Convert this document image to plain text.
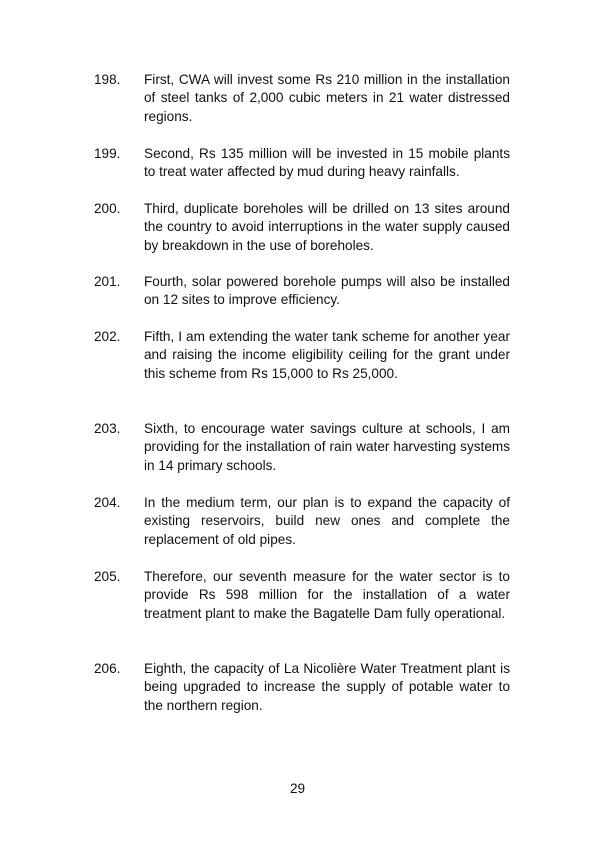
198.	First, CWA will invest some Rs 210 million in the installation of steel tanks of 2,000 cubic meters in 21 water distressed regions.
199.	Second, Rs 135 million will be invested in 15 mobile plants to treat water affected by mud during heavy rainfalls.
200.	Third, duplicate boreholes will be drilled on 13 sites around the country to avoid interruptions in the water supply caused by breakdown in the use of boreholes.
201.	Fourth, solar powered borehole pumps will also be installed on 12 sites to improve efficiency.
202.	Fifth, I am extending the water tank scheme for another year and raising the income eligibility ceiling for the grant under this scheme from Rs 15,000 to Rs 25,000.
203.	Sixth, to encourage water savings culture at schools, I am providing for the installation of rain water harvesting systems in 14 primary schools.
204.	In the medium term, our plan is to expand the capacity of existing reservoirs, build new ones and complete the replacement of old pipes.
205.	Therefore, our seventh measure for the water sector is to provide Rs 598 million for the installation of a water treatment plant to make the Bagatelle Dam fully operational.
206.	Eighth, the capacity of La Nicolière Water Treatment plant is being upgraded to increase the supply of potable water to the northern region.
29
